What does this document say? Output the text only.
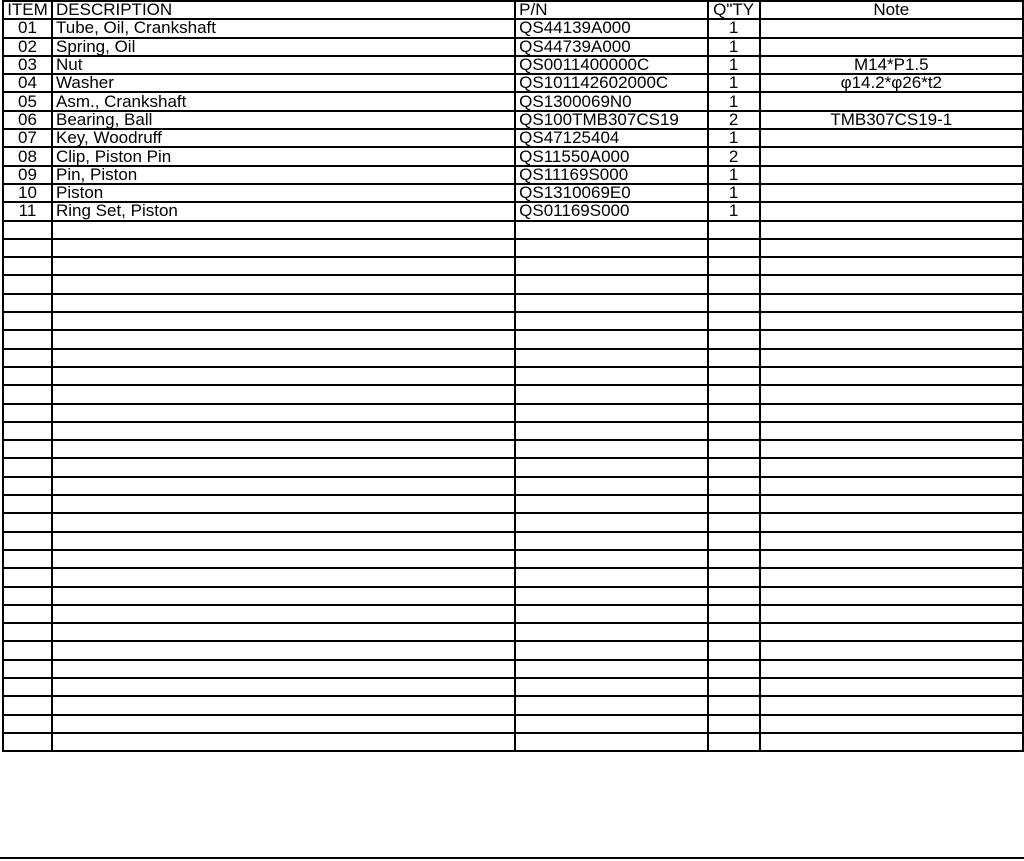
ITEM	DESCRIPTION	P/N	Q"TY	Note
01	Tube, Oil, Crankshaft	QS44139A000	1	
02	Spring, Oil	QS44739A000	1	
03	Nut	QS0011400000C	1	M14*P1.5
04	Washer	QS101142602000C	1	φ14.2*φ26*t2
05	Asm., Crankshaft	QS1300069N0	1	
06	Bearing, Ball	QS100TMB307CS19	2	TMB307CS19-1
07	Key, Woodruff	QS47125404	1	
08	Clip, Piston Pin	QS11550A000	2	
09	Pin, Piston	QS11169S000	1	
10	Piston	QS1310069E0	1	
11	Ring Set, Piston	QS01169S000	1	
